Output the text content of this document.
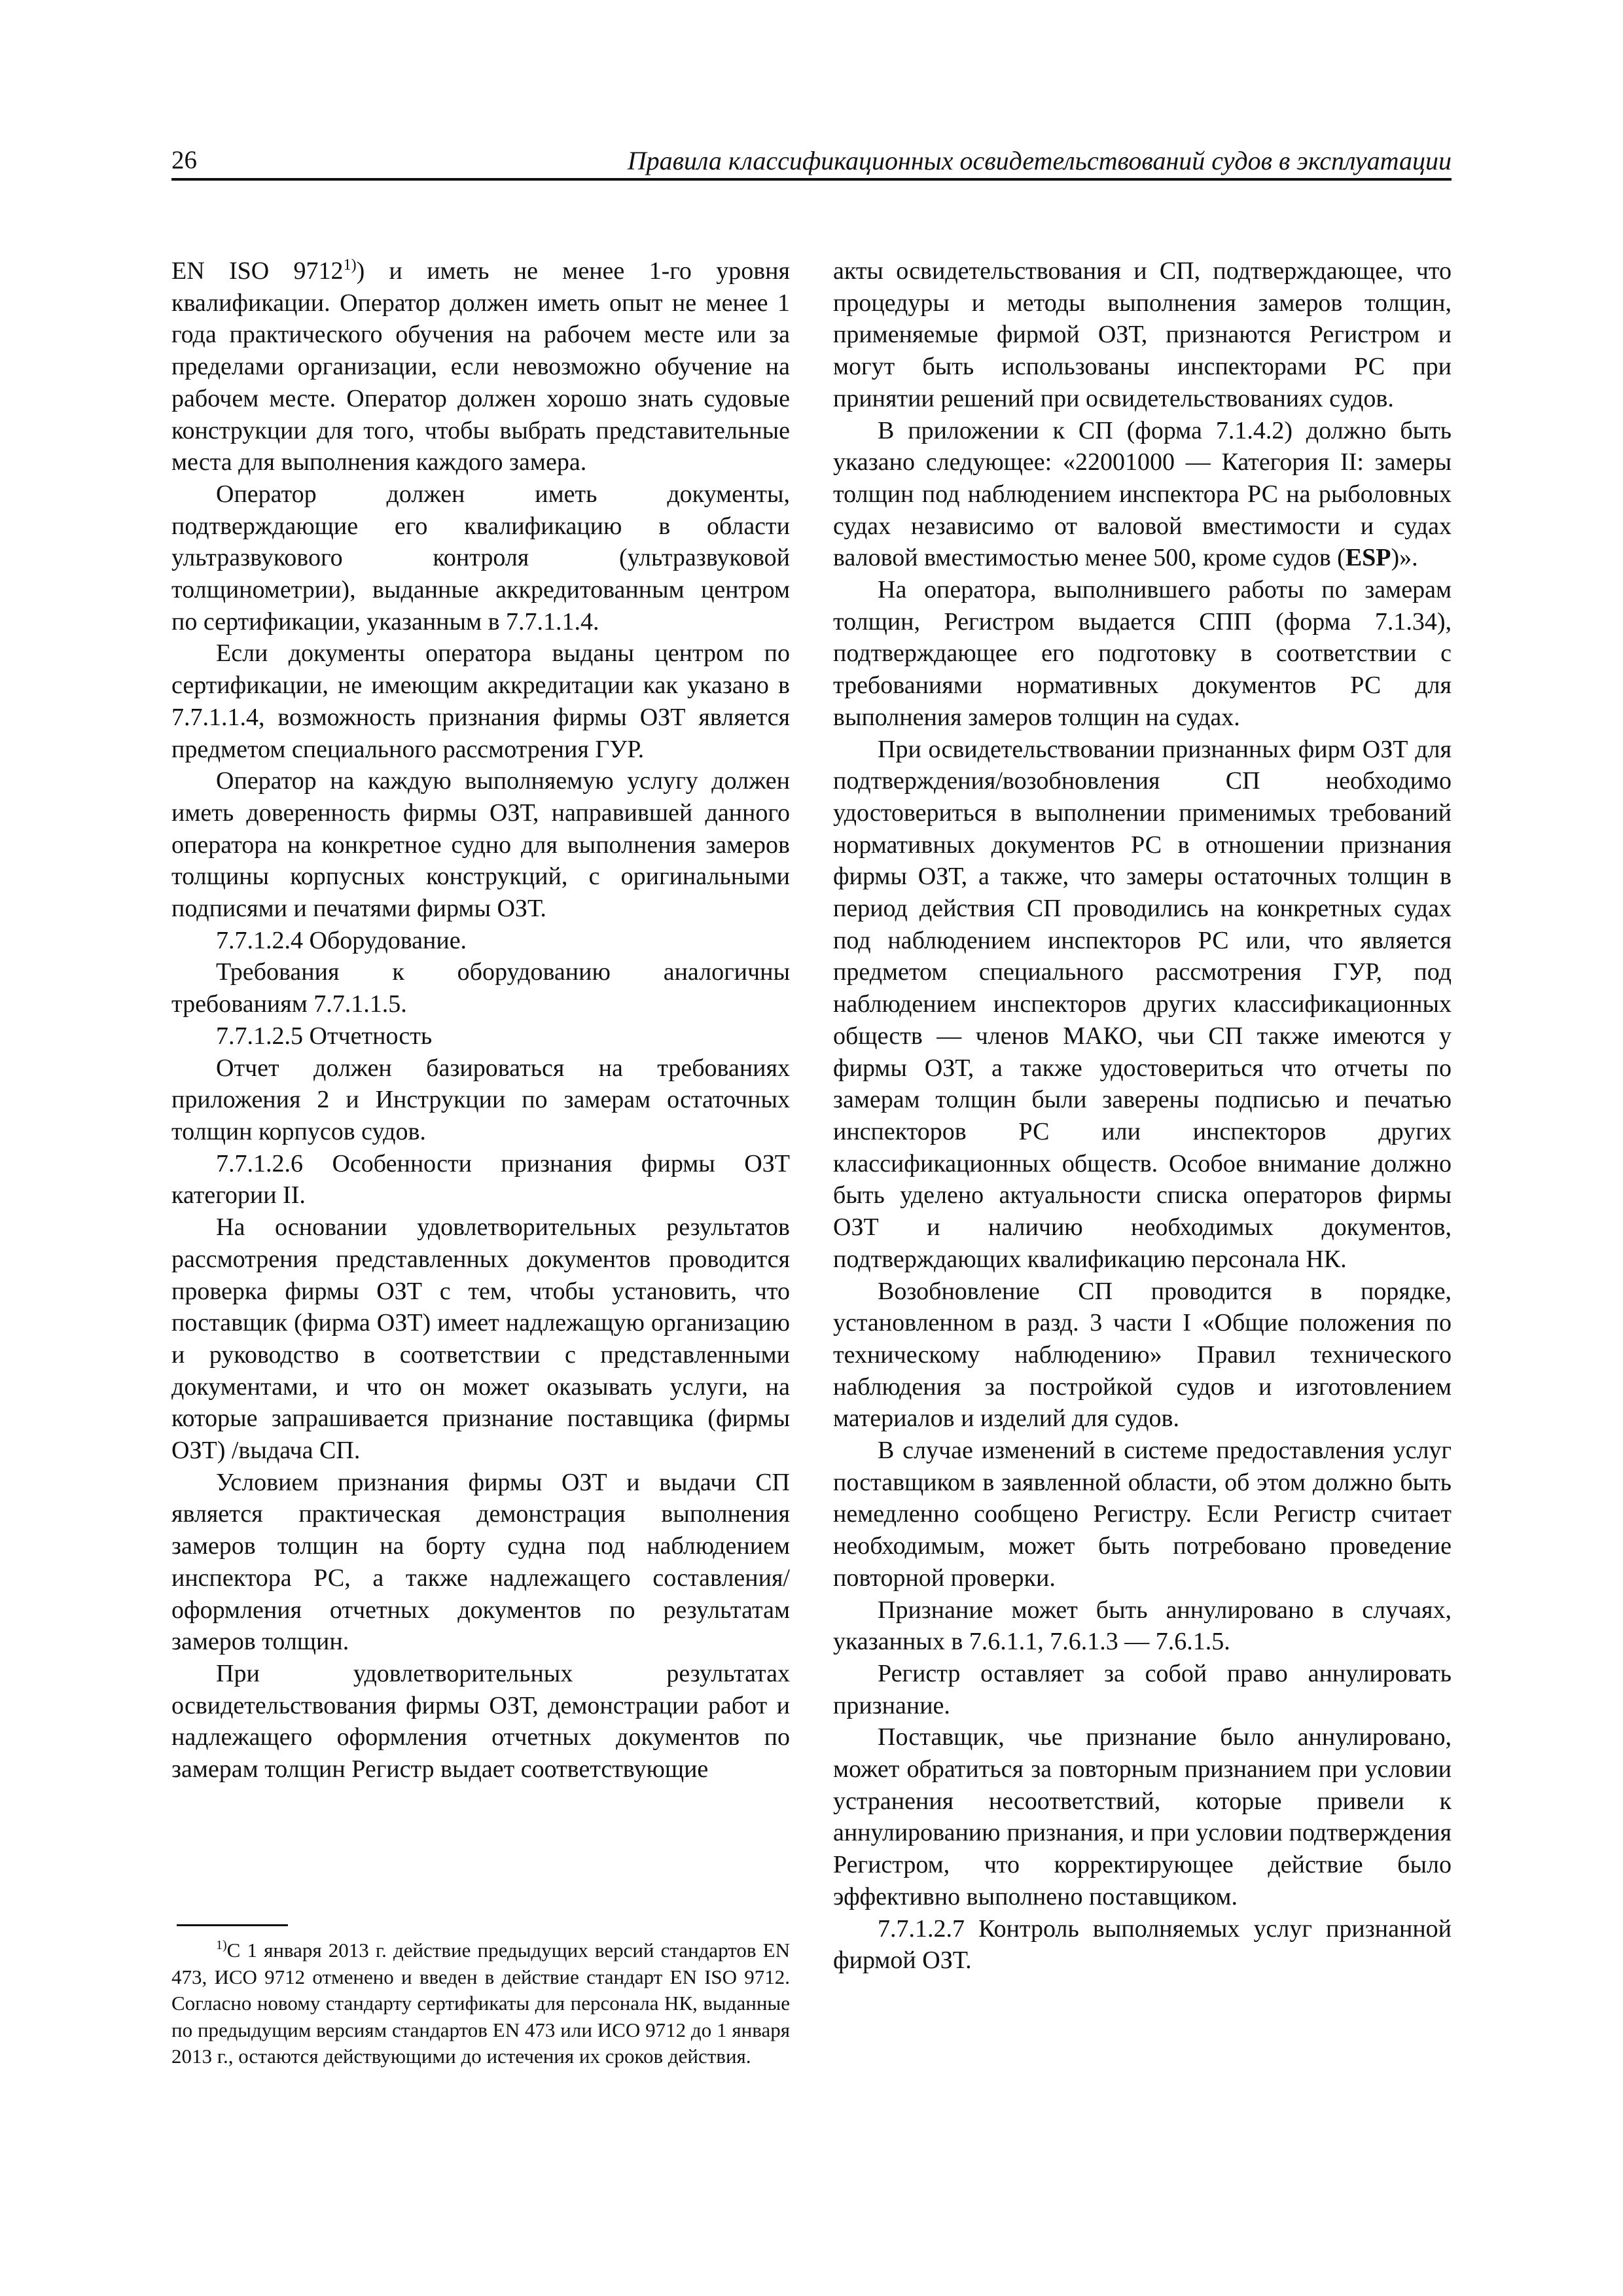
26	Правила классификационных освидетельствований судов в эксплуатации

EN ISO 9712$^{1)}$) и иметь не менее 1-го уровня квалификации. Оператор должен иметь опыт не менее 1 года практического обучения на рабочем месте или за пределами организации, если невозможно обучение на рабочем месте. Оператор должен хорошо знать судовые конструкции для того, чтобы выбрать представительные места для выполнения каждого замера.

Оператор должен иметь документы, подтверждающие его квалификацию в области ультразвукового контроля (ультразвуковой толщинометрии), выданные аккредитованным центром по сертификации, указанным в 7.7.1.1.4.

Если документы оператора выданы центром по сертификации, не имеющим аккредитации как указано в 7.7.1.1.4, возможность признания фирмы ОЗТ является предметом специального рассмотрения ГУР.

Оператор на каждую выполняемую услугу должен иметь доверенность фирмы ОЗТ, направившей данного оператора на конкретное судно для выполнения замеров толщины корпусных конструкций, с оригинальными подписями и печатями фирмы ОЗТ.

7.7.1.2.4 Оборудование.

Требования к оборудованию аналогичны требованиям 7.7.1.1.5.

7.7.1.2.5 Отчетность

Отчет должен базироваться на требованиях приложения 2 и Инструкции по замерам остаточных толщин корпусов судов.

7.7.1.2.6 Особенности признания фирмы ОЗТ категории II.

На основании удовлетворительных результатов рассмотрения представленных документов проводится проверка фирмы ОЗТ с тем, чтобы установить, что поставщик (фирма ОЗТ) имеет надлежащую организацию и руководство в соответствии с представленными документами, и что он может оказывать услуги, на которые запрашивается признание поставщика (фирмы ОЗТ) /выдача СП.

Условием признания фирмы ОЗТ и выдачи СП является практическая демонстрация выполнения замеров толщин на борту судна под наблюдением инспектора РС, а также надлежащего составления/ оформления отчетных документов по результатам замеров толщин.

При удовлетворительных результатах освидетельствования фирмы ОЗТ, демонстрации работ и надлежащего оформления отчетных документов по замерам толщин Регистр выдает соответствующие

$^{1)}$С 1 января 2013 г. действие предыдущих версий стандартов EN 473, ИСО 9712 отменено и введен в действие стандарт EN ISO 9712. Согласно новому стандарту сертификаты для персонала НК, выданные по предыдущим версиям стандартов EN 473 или ИСО 9712 до 1 января 2013 г., остаются действующими до истечения их сроков действия.

акты освидетельствования и СП, подтверждающее, что процедуры и методы выполнения замеров толщин, применяемые фирмой ОЗТ, признаются Регистром и могут быть использованы инспекторами РС при принятии решений при освидетельствованиях судов.

В приложении к СП (форма 7.1.4.2) должно быть указано следующее: «22001000 — Категория II: замеры толщин под наблюдением инспектора РС на рыболовных судах независимо от валовой вместимости и судах валовой вместимостью менее 500, кроме судов (ESP)».

На оператора, выполнившего работы по замерам толщин, Регистром выдается СПП (форма 7.1.34), подтверждающее его подготовку в соответствии с требованиями нормативных документов РС для выполнения замеров толщин на судах.

При освидетельствовании признанных фирм ОЗТ для подтверждения/возобновления СП необходимо удостовериться в выполнении применимых требований нормативных документов РС в отношении признания фирмы ОЗТ, а также, что замеры остаточных толщин в период действия СП проводились на конкретных судах под наблюдением инспекторов РС или, что является предметом специального рассмотрения ГУР, под наблюдением инспекторов других классификационных обществ — членов МАКО, чьи СП также имеются у фирмы ОЗТ, а также удостовериться что отчеты по замерам толщин были заверены подписью и печатью инспекторов РС или инспекторов других классификационных обществ. Особое внимание должно быть уделено актуальности списка операторов фирмы ОЗТ и наличию необходимых документов, подтверждающих квалификацию персонала НК.

Возобновление СП проводится в порядке, установленном в разд. 3 части I «Общие положения по техническому наблюдению» Правил технического наблюдения за постройкой судов и изготовлением материалов и изделий для судов.

В случае изменений в системе предоставления услуг поставщиком в заявленной области, об этом должно быть немедленно сообщено Регистру. Если Регистр считает необходимым, может быть потребовано проведение повторной проверки.

Признание может быть аннулировано в случаях, указанных в 7.6.1.1, 7.6.1.3 — 7.6.1.5.

Регистр оставляет за собой право аннулировать признание.

Поставщик, чье признание было аннулировано, может обратиться за повторным признанием при условии устранения несоответствий, которые привели к аннулированию признания, и при условии подтверждения Регистром, что корректирующее действие было эффективно выполнено поставщиком.

7.7.1.2.7 Контроль выполняемых услуг признанной фирмой ОЗТ.
